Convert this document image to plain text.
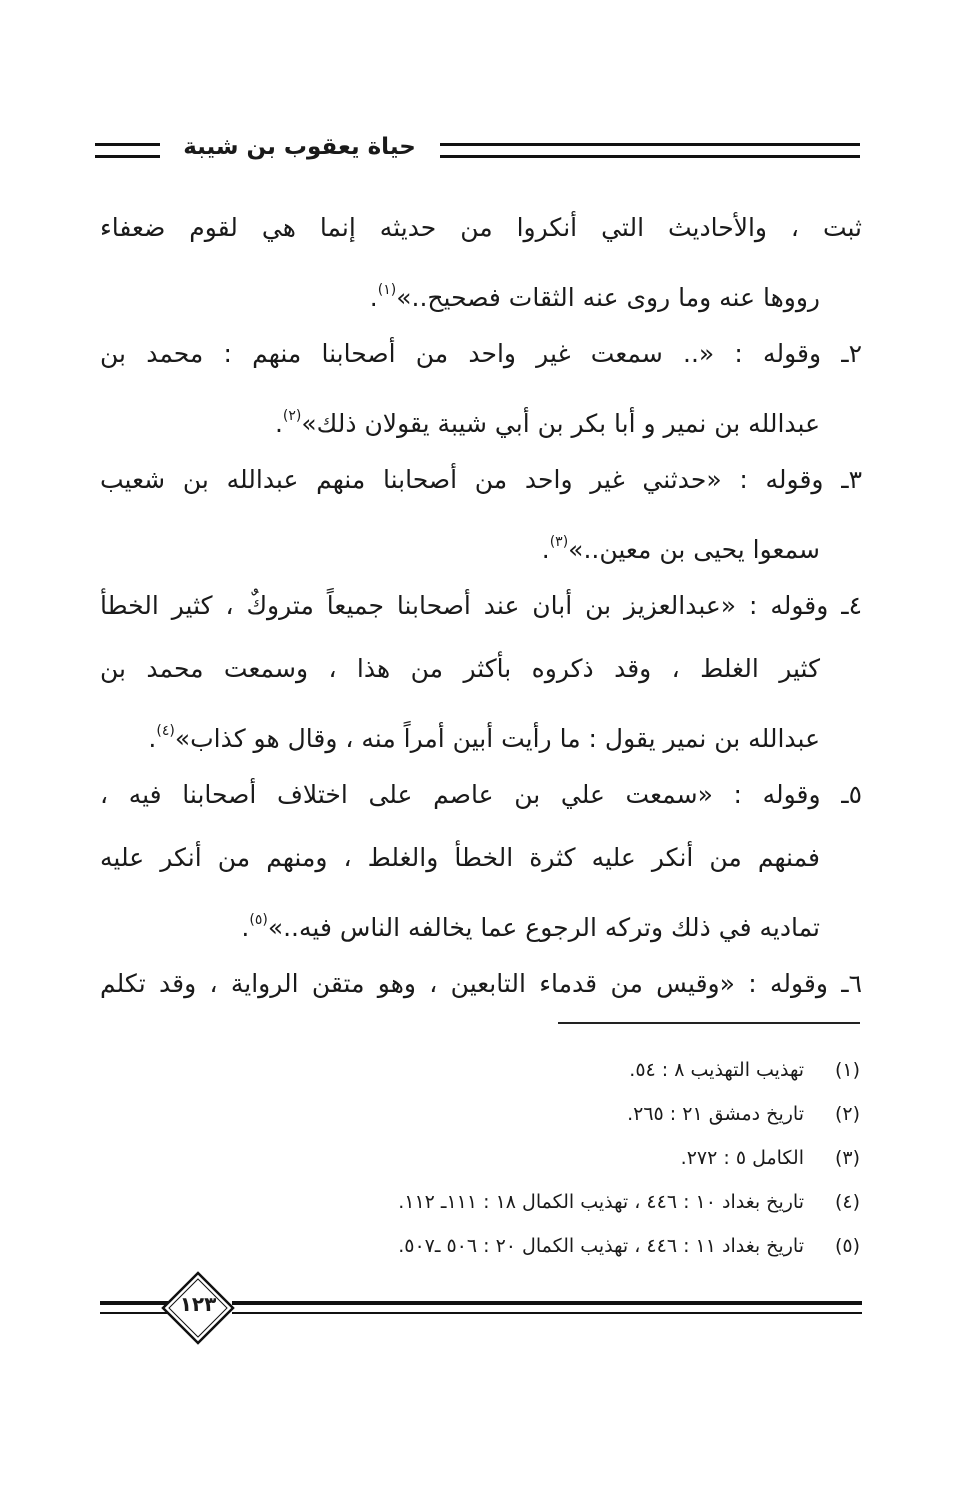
حياة يعقوب بن شيبة
ثبت ، والأحاديث التي أنكروا من حديثه إنما هي لقوم ضعفاء
رووها عنه وما روى عنه الثقات فصحيح..»$^{(١)}$.
٢ـ وقوله : «.. سمعت غير واحد من أصحابنا منهم : محمد بن
عبدالله بن نمير و أبا بكر بن أبي شيبة يقولان ذلك»$^{(٢)}$.
٣ـ وقوله : «حدثني غير واحد من أصحابنا منهم عبدالله بن شعيب
سمعوا يحيى بن معين..»$^{(٣)}$.
٤ـ وقوله : «عبدالعزيز بن أبان عند أصحابنا جميعاً متروكٌ ، كثير الخطأ
كثير الغلط ، وقد ذكروه بأكثر من هذا ، وسمعت محمد بن
عبدالله بن نمير يقول : ما رأيت أبين أمراً منه ، وقال هو كذاب»$^{(٤)}$.
٥ـ وقوله : «سمعت علي بن عاصم على اختلاف أصحابنا فيه ،
فمنهم من أنكر عليه كثرة الخطأ والغلط ، ومنهم من أنكر عليه
تماديه في ذلك وتركه الرجوع عما يخالفه الناس فيه..»$^{(٥)}$.
٦ـ وقوله : «وقيس من قدماء التابعين ، وهو متقن الرواية ، وقد تكلم
(١)تهذيب التهذيب ٨ : ٥٤.
(٢)تاريخ دمشق ٢١ : ٢٦٥.
(٣)الكامل ٥ : ٢٧٢.
(٤)تاريخ بغداد ١٠ : ٤٤٦ ، تهذيب الكمال ١٨ : ١١١ـ ١١٢.
(٥)تاريخ بغداد ١١ : ٤٤٦ ، تهذيب الكمال ٢٠ : ٥٠٦ ـ٥٠٧.
١٢٣
